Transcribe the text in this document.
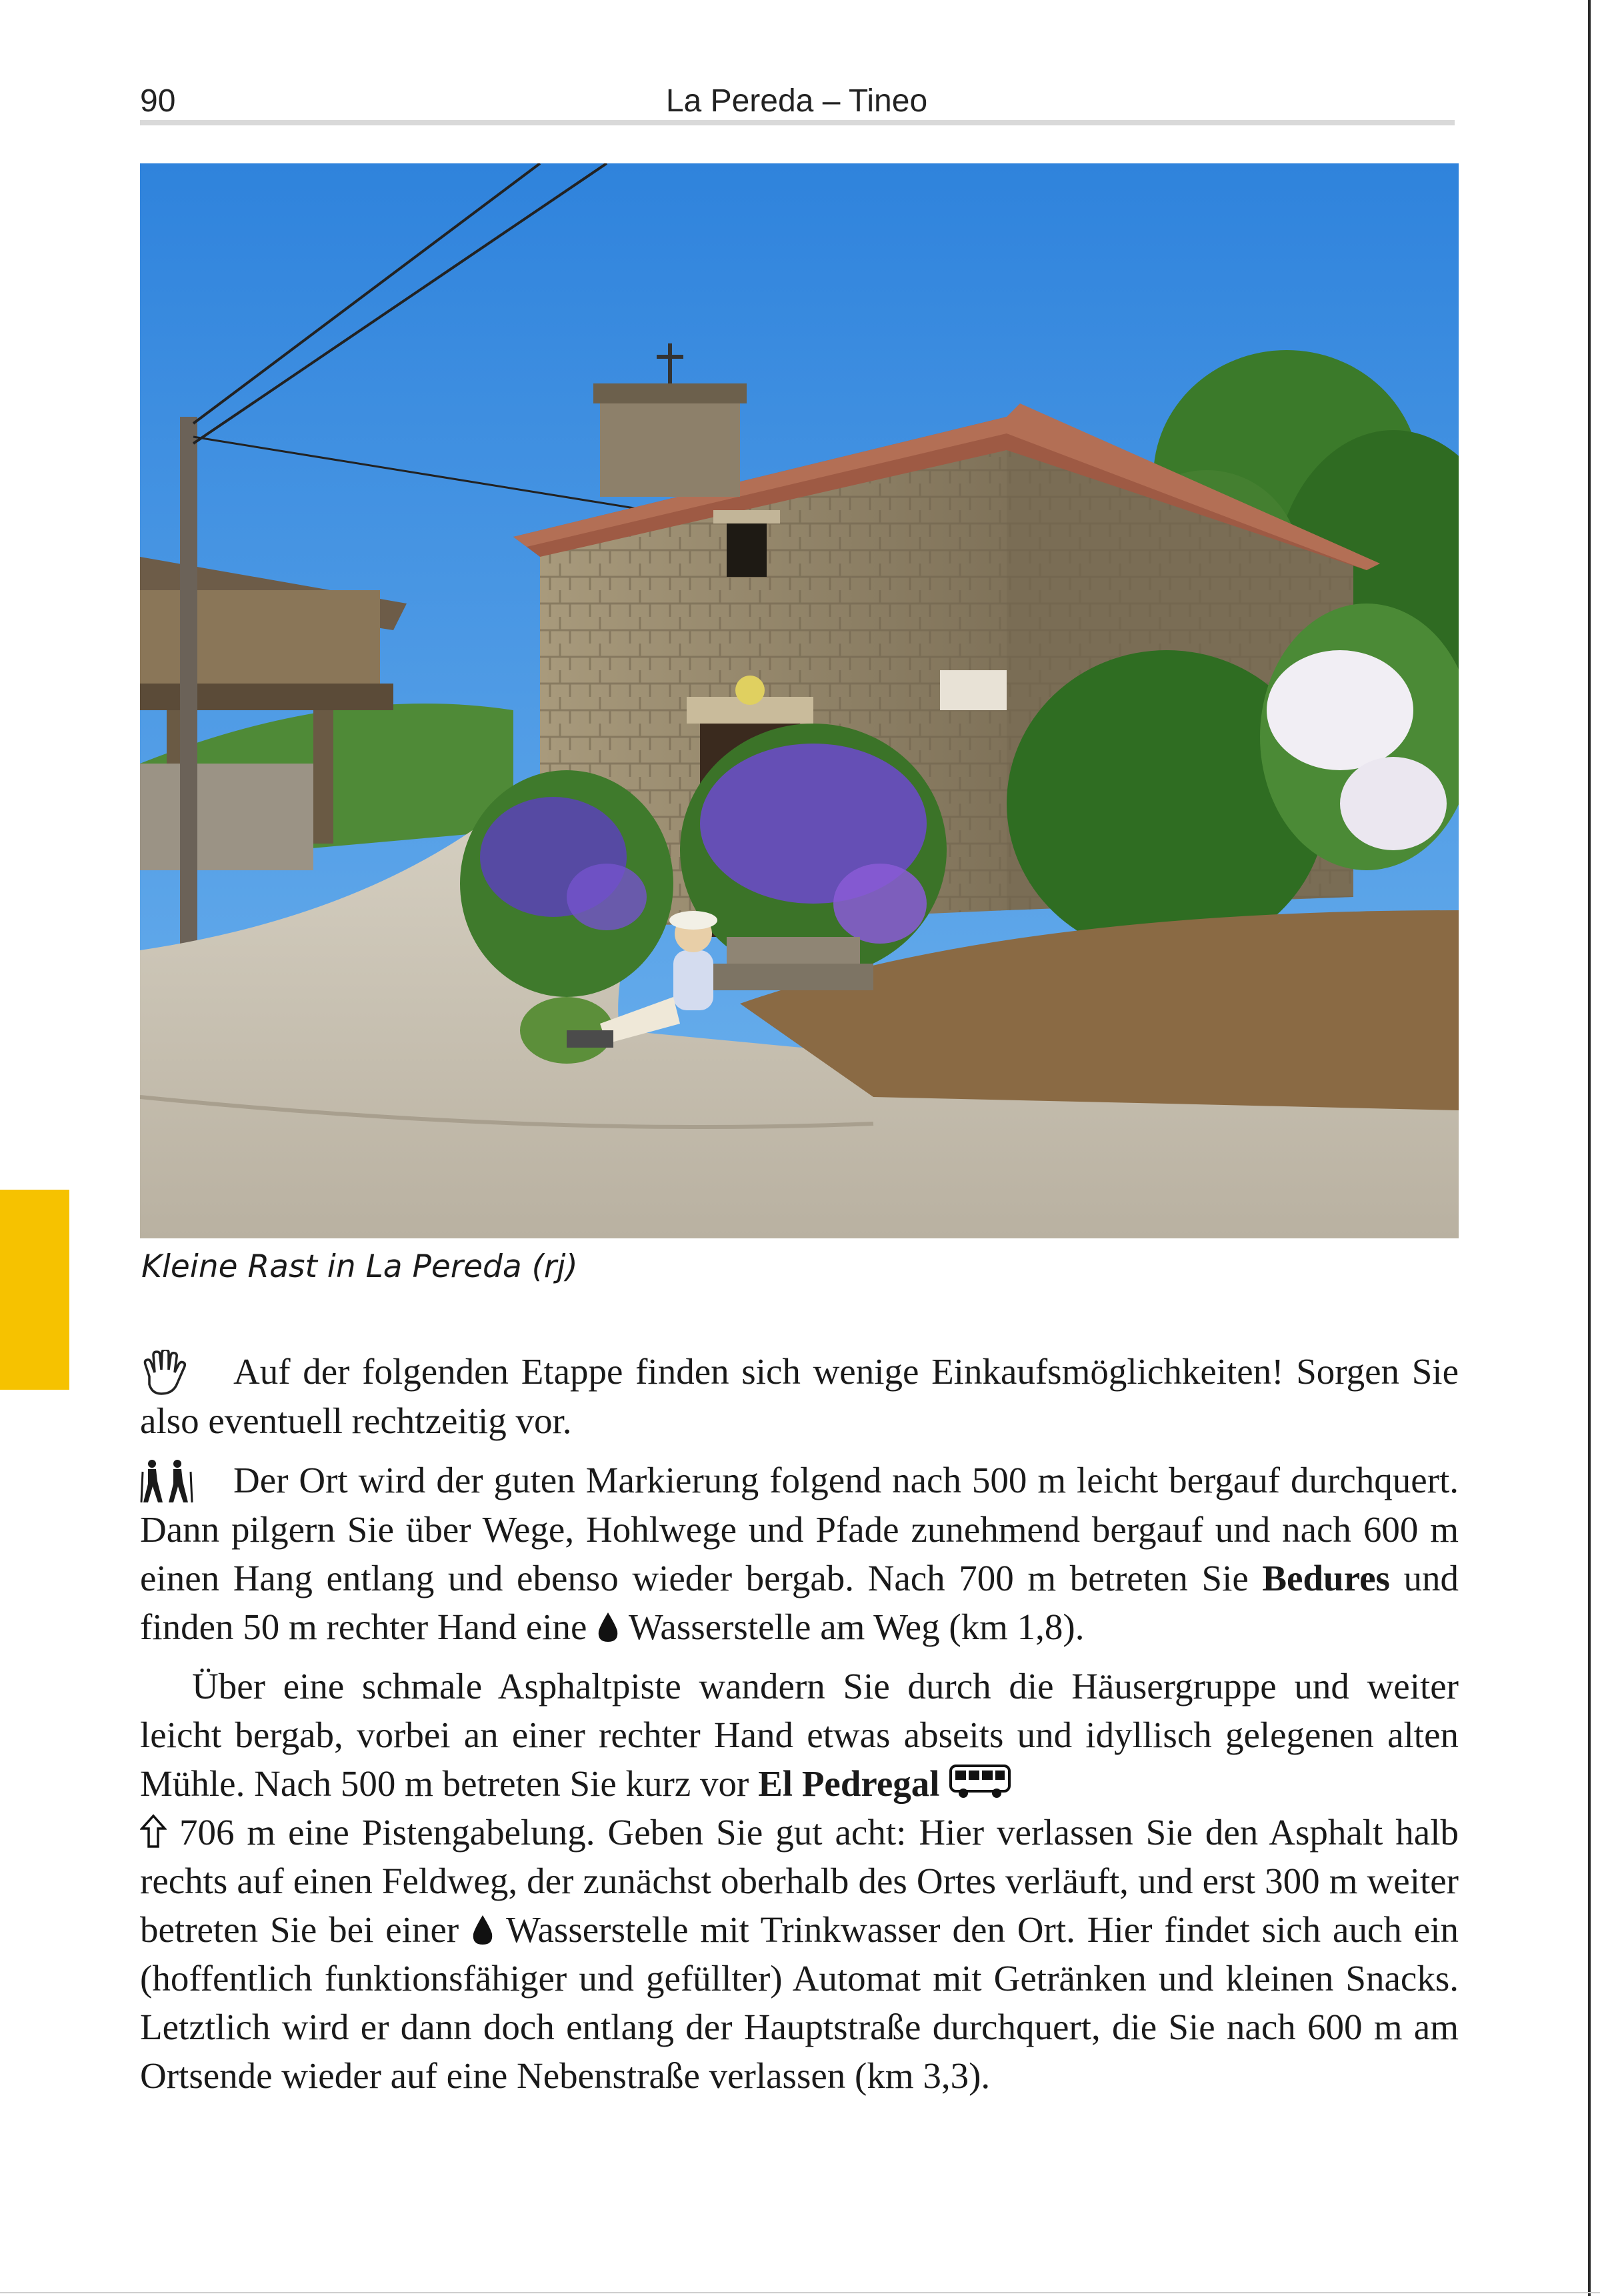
90	La Pereda – Tineo
Kleine Rast in La Pereda (rj)

Auf der folgenden Etappe finden sich wenige Einkaufsmöglichkeiten! Sorgen Sie also eventuell rechtzeitig vor.

Der Ort wird der guten Markierung folgend nach 500 m leicht bergauf durchquert. Dann pilgern Sie über Wege, Hohlwege und Pfade zunehmend bergauf und nach 600 m einen Hang entlang und ebenso wieder bergab. Nach 700 m betreten Sie Bedures und finden 50 m rechter Hand eine
Wasserstelle am Weg (km 1,8).

Über eine schmale Asphaltpiste wandern Sie durch die Häusergruppe und weiter leicht bergab, vorbei an einer rechter Hand etwas abseits und idyllisch gelegenen alten Mühle. Nach 500 m betreten Sie kurz vor El Pedregal

706 m eine Pistengabelung. Geben Sie gut acht: Hier verlassen Sie den Asphalt halb rechts auf einen Feldweg, der zunächst oberhalb des Ortes verläuft, und erst 300 m weiter betreten Sie bei einer
Wasserstelle mit Trinkwasser den Ort. Hier findet sich auch ein (hoffentlich funktionsfähiger und gefüllter) Automat mit Getränken und kleinen Snacks. Letztlich wird er dann doch entlang der Hauptstraße durchquert, die Sie nach 600 m am Ortsende wieder auf eine Nebenstraße verlassen (km 3,3).
